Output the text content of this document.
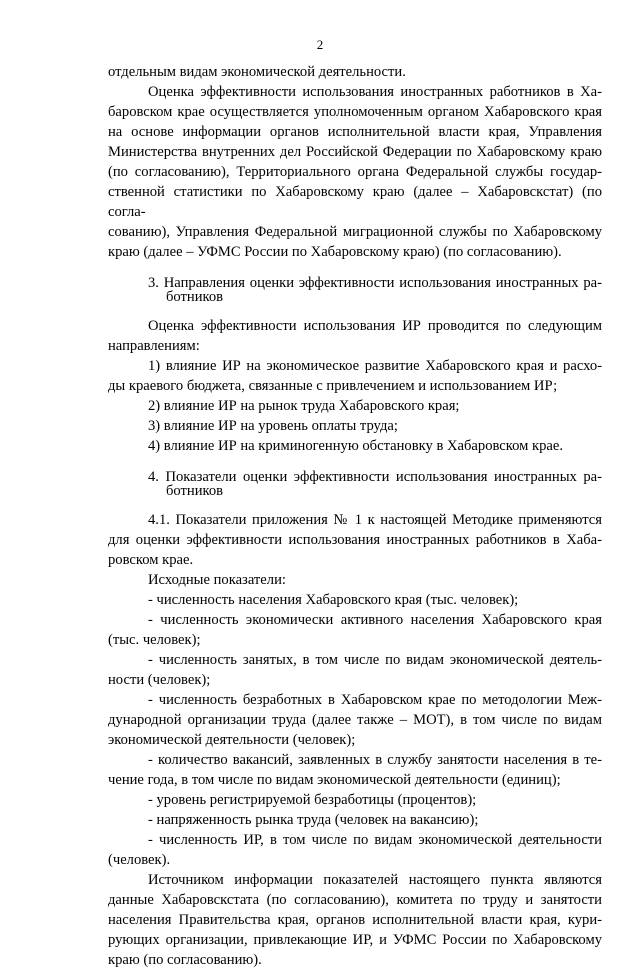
2

отдельным видам экономической деятельности.

Оценка эффективности использования иностранных работников в Ха-
баровском крае осуществляется уполномоченным органом Хабаровского края
на основе информации органов исполнительной власти края, Управления
Министерства внутренних дел Российской Федерации по Хабаровскому краю
(по согласованию), Территориального органа Федеральной службы государ-
ственной статистики по Хабаровскому краю (далее – Хабаровскстат) (по согла-
сованию), Управления Федеральной миграционной службы по Хабаровскому
краю (далее – УФМС России по Хабаровскому краю) (по согласованию).

3. Направления оценки эффективности использования иностранных ра-
ботников

Оценка эффективности использования ИР проводится по следующим
направлениям:

1) влияние ИР на экономическое развитие Хабаровского края и расхо-
ды краевого бюджета, связанные с привлечением и использованием ИР;

2) влияние ИР на рынок труда Хабаровского края;

3) влияние ИР на уровень оплаты труда;

4) влияние ИР на криминогенную обстановку в Хабаровском крае.

4. Показатели оценки эффективности использования иностранных ра-
ботников

4.1. Показатели приложения № 1 к настоящей Методике применяются
для оценки эффективности использования иностранных работников в Хаба-
ровском крае.

Исходные показатели:

- численность населения Хабаровского края (тыс. человек);

- численность экономически активного населения Хабаровского края
(тыс. человек);

- численность занятых, в том числе по видам экономической деятель-
ности (человек);

- численность безработных в Хабаровском крае по методологии Меж-
дународной организации труда (далее также – МОТ), в том числе по видам
экономической деятельности (человек);

- количество вакансий, заявленных в службу занятости населения в те-
чение года, в том числе по видам экономической деятельности (единиц);

- уровень регистрируемой безработицы (процентов);

- напряженность рынка труда (человек на вакансию);

- численность ИР, в том числе по видам экономической деятельности
(человек).

Источником информации показателей настоящего пункта являются
данные Хабаровскстата (по согласованию), комитета по труду и занятости
населения Правительства края, органов исполнительной власти края, кури-
рующих организации, привлекающие ИР, и УФМС России по Хабаровскому
краю (по согласованию).
